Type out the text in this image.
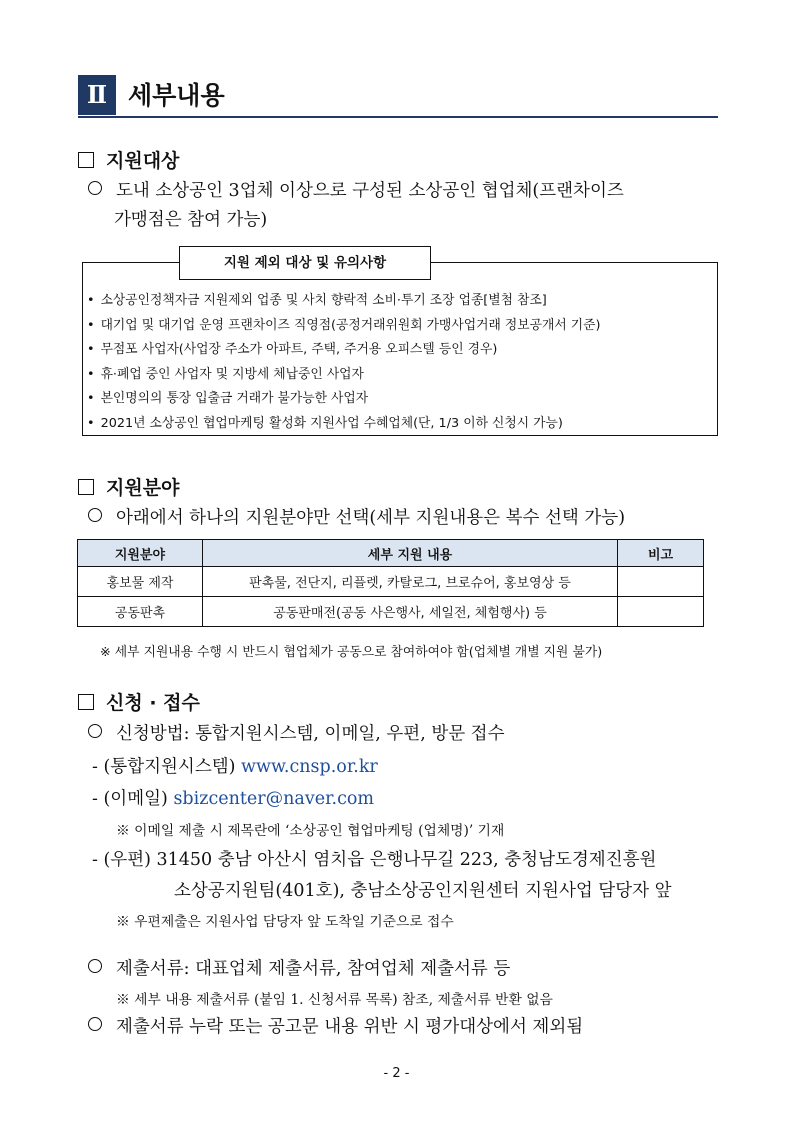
Ⅱ 세부내용
지원대상
도내 소상공인 3업체 이상으로 구성된 소상공인 협업체(프랜차이즈
가맹점은 참여 가능)
• 소상공인정책자금 지원제외 업종 및 사치 향락적 소비·투기 조장 업종[별첨 참조]
• 대기업 및 대기업 운영 프랜차이즈 직영점(공정거래위원회 가맹사업거래 정보공개서 기준)
• 무점포 사업자(사업장 주소가 아파트, 주택, 주거용 오피스텔 등인 경우)
• 휴·폐업 중인 사업자 및 지방세 체납중인 사업자
• 본인명의의 통장 입출금 거래가 불가능한 사업자
• 2021년 소상공인 협업마케팅 활성화 지원사업 수혜업체(단, 1/3 이하 신청시 가능)
지원 제외 대상 및 유의사항
지원분야
아래에서 하나의 지원분야만 선택(세부 지원내용은 복수 선택 가능)
지원분야	세부 지원 내용	비고
홍보물 제작	판촉물, 전단지, 리플렛, 카탈로그, 브로슈어, 홍보영상 등	
공동판촉	공동판매전(공동 사은행사, 세일전, 체험행사) 등	
※ 세부 지원내용 수행 시 반드시 협업체가 공동으로 참여하여야 함(업체별 개별 지원 불가)
신청 · 접수
신청방법: 통합지원시스템, 이메일, 우편, 방문 접수
- (통합지원시스템) www.cnsp.or.kr
- (이메일) sbizcenter@naver.com
※ 이메일 제출 시 제목란에 ‘소상공인 협업마케팅 (업체명)’ 기재
- (우편) 31450 충남 아산시 염치읍 은행나무길 223, 충청남도경제진흥원
소상공지원팀(401호), 충남소상공인지원센터 지원사업 담당자 앞
※ 우편제출은 지원사업 담당자 앞 도착일 기준으로 접수
제출서류: 대표업체 제출서류, 참여업체 제출서류 등
※ 세부 내용 제출서류 (붙임 1. 신청서류 목록) 참조, 제출서류 반환 없음
제출서류 누락 또는 공고문 내용 위반 시 평가대상에서 제외됨
- 2 -
